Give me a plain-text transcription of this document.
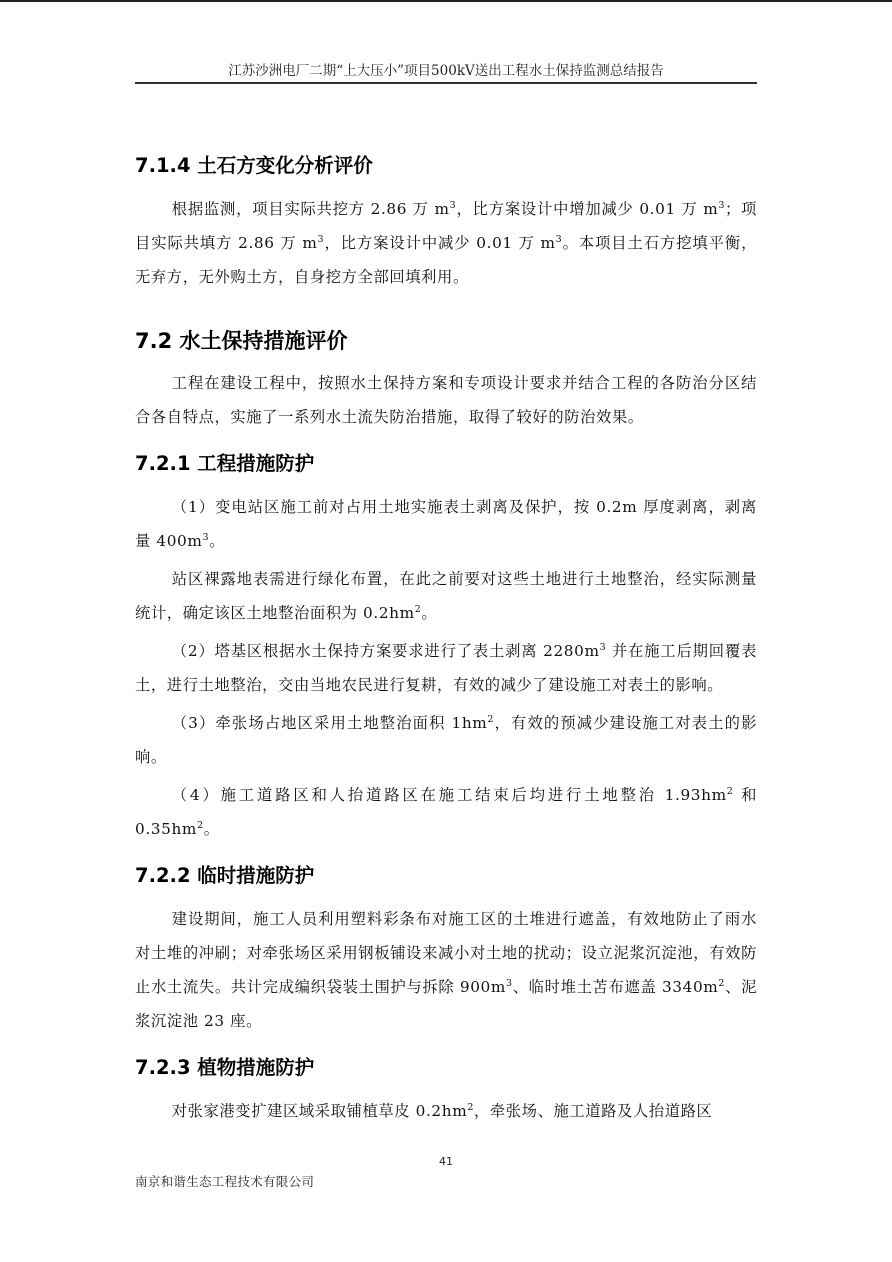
江苏沙洲电厂二期“上大压小”项目500kV送出工程水土保持监测总结报告
7.1.4 土石方变化分析评价

根据监测，项目实际共挖方 2.86 万 $m^3$，比方案设计中增加减少 0.01 万 $m^3$；项目实际共填方 2.86 万 $m^3$，比方案设计中减少 0.01 万 $m^3$。本项目土石方挖填平衡，无弃方，无外购土方，自身挖方全部回填利用。

7.2 水土保持措施评价

工程在建设工程中，按照水土保持方案和专项设计要求并结合工程的各防治分区结合各自特点，实施了一系列水土流失防治措施，取得了较好的防治效果。

7.2.1 工程措施防护

（1）变电站区施工前对占用土地实施表土剥离及保护，按 0.2m 厚度剥离，剥离量 $400m^3$。

站区裸露地表需进行绿化布置，在此之前要对这些土地进行土地整治，经实际测量统计，确定该区土地整治面积为 $0.2hm^2$。

（2）塔基区根据水土保持方案要求进行了表土剥离 $2280m^3$ 并在施工后期回覆表土，进行土地整治，交由当地农民进行复耕，有效的减少了建设施工对表土的影响。

（3）牵张场占地区采用土地整治面积 $1hm^2$，有效的预减少建设施工对表土的影响。

（4）施工道路区和人抬道路区在施工结束后均进行土地整治 $1.93hm^2$ 和 $0.35hm^2$。

7.2.2 临时措施防护

建设期间，施工人员利用塑料彩条布对施工区的土堆进行遮盖，有效地防止了雨水对土堆的冲刷；对牵张场区采用钢板铺设来减小对土地的扰动；设立泥浆沉淀池，有效防止水土流失。共计完成编织袋装土围护与拆除 $900m^3$、临时堆土苫布遮盖 $3340m^2$、泥浆沉淀池 23 座。

7.2.3 植物措施防护

对张家港变扩建区域采取铺植草皮 $0.2hm^2$，牵张场、施工道路及人抬道路区

41
南京和谐生态工程技术有限公司
